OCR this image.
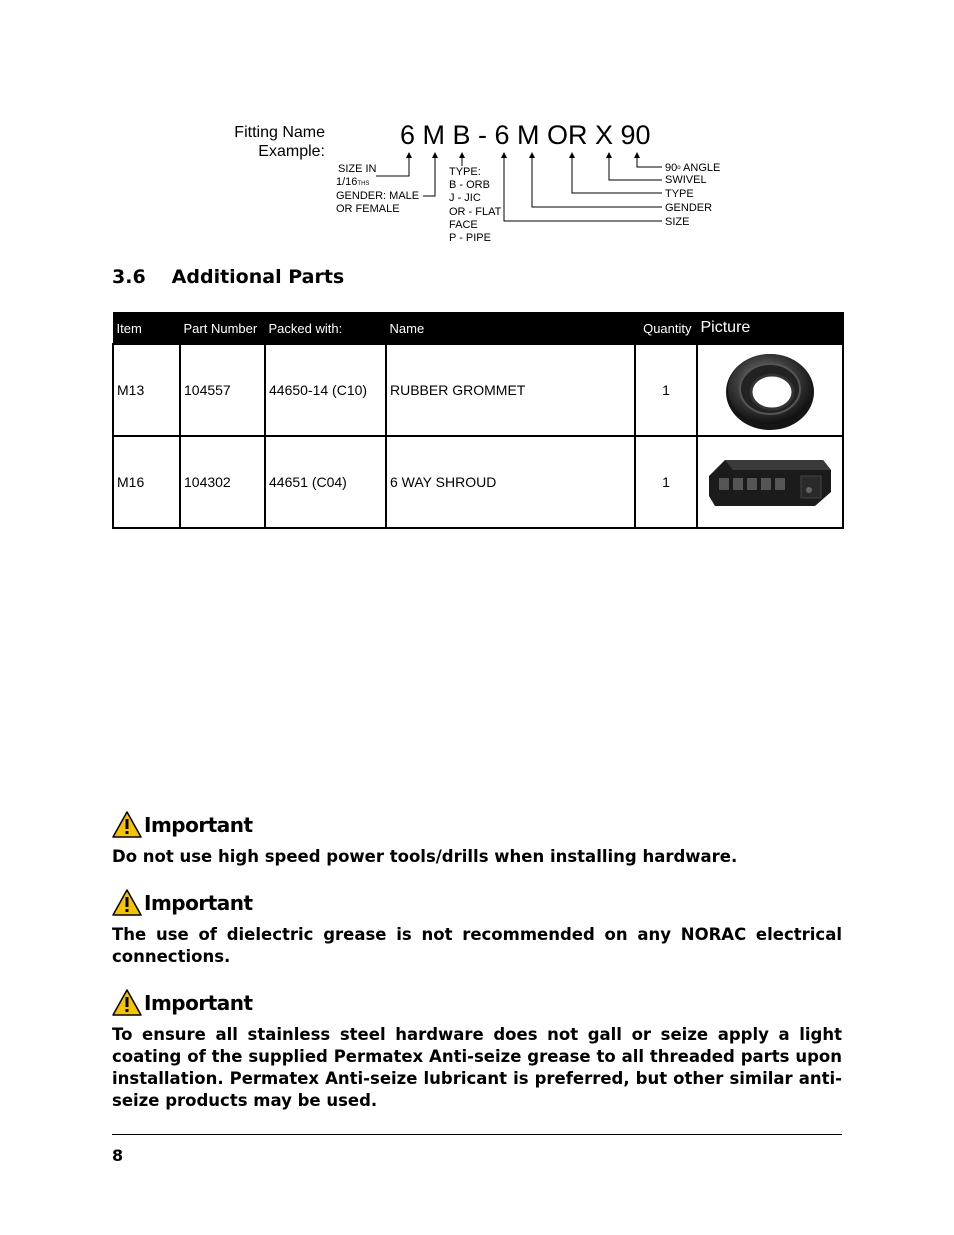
Fitting Name
Example:
6 M B - 6 M OR X 90
SIZE IN
1/16THS
GENDER: MALE
OR FEMALE
TYPE:
B - ORB
J - JIC
OR - FLAT
FACE
P - PIPE
90$^o$ ANGLE
SWIVEL
TYPE
GENDER
SIZE
3.6 Additional Parts
Item	Part Number	Packed with:	Name	Quantity	Picture
M13	104557	44650-14 (C10)	RUBBER GROMMET	1	
M16	104302	44651 (C04)	6 WAY SHROUD	1	
Important
Do not use high speed power tools/drills when installing hardware.
Important
The use of dielectric grease is not recommended on any NORAC electrical connections.
Important
To ensure all stainless steel hardware does not gall or seize apply a light coating of the supplied Permatex Anti-seize grease to all threaded parts upon installation. Permatex Anti-seize lubricant is preferred, but other similar anti-seize products may be used.
8
